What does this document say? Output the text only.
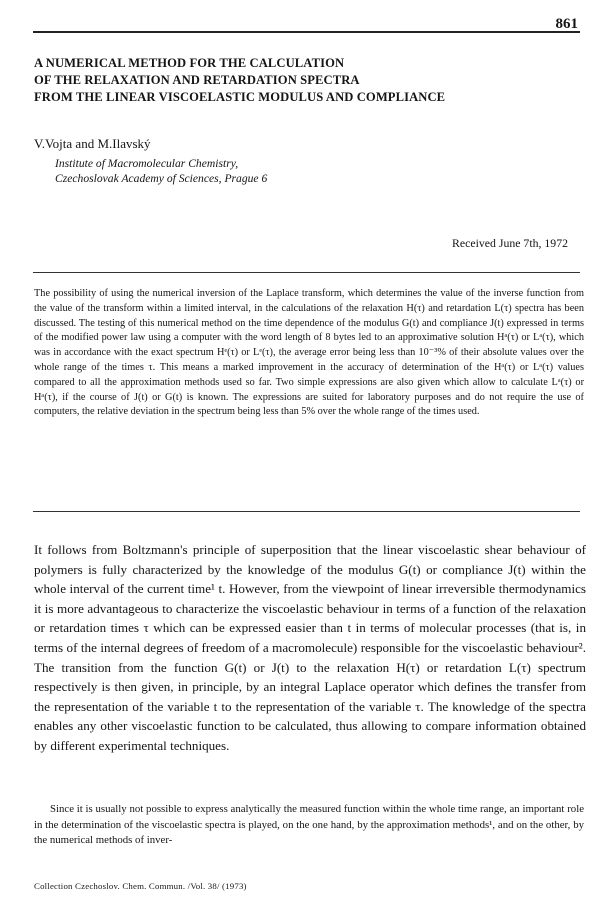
861
A NUMERICAL METHOD FOR THE CALCULATION
OF THE RELAXATION AND RETARDATION SPECTRA
FROM THE LINEAR VISCOELASTIC MODULUS AND COMPLIANCE
V.Vojta and M.Ilavský
Institute of Macromolecular Chemistry,
Czechoslovak Academy of Sciences, Prague 6
Received June 7th, 1972
The possibility of using the numerical inversion of the Laplace transform, which determines the value of the inverse function from the value of the transform within a limited interval, in the calculations of the relaxation H(τ) and retardation L(τ) spectra has been discussed. The testing of this numerical method on the time dependence of the modulus G(t) and compliance J(t) expressed in terms of the modified power law using a computer with the word length of 8 bytes led to an approximative solution Hᵃ(τ) or Lᵃ(τ), which was in accordance with the exact spectrum Hᵉ(τ) or Lᵉ(τ), the average error being less than 10⁻³% of their absolute values over the whole range of the times τ. This means a marked improvement in the accuracy of determination of the Hᵃ(τ) or Lᵃ(τ) values compared to all the approximation methods used so far. Two simple expressions are also given which allow to calculate Lᵃ(τ) or Hᵃ(τ), if the course of J(t) or G(t) is known. The expressions are suited for laboratory purposes and do not require the use of computers, the relative deviation in the spectrum being less than 5% over the whole range of the times used.
It follows from Boltzmann's principle of superposition that the linear viscoelastic shear behaviour of polymers is fully characterized by the knowledge of the modulus G(t) or compliance J(t) within the whole interval of the current time¹ t. However, from the viewpoint of linear irreversible thermodynamics it is more advantageous to characterize the viscoelastic behaviour in terms of a function of the relaxation or retardation times τ which can be expressed easier than t in terms of molecular processes (that is, in terms of the internal degrees of freedom of a macromolecule) responsible for the viscoelastic behaviour². The transition from the function G(t) or J(t) to the relaxation H(τ) or retardation L(τ) spectrum respectively is then given, in principle, by an integral Laplace operator which defines the transfer from the representation of the variable t to the representation of the variable τ. The knowledge of the spectra enables any other viscoelastic function to be calculated, thus allowing to compare information obtained by different experimental techniques.
Since it is usually not possible to express analytically the measured function within the whole time range, an important role in the determination of the viscoelastic spectra is played, on the one hand, by the approximation methods¹, and on the other, by the numerical methods of inver-
Collection Czechoslov. Chem. Commun. /Vol. 38/ (1973)
